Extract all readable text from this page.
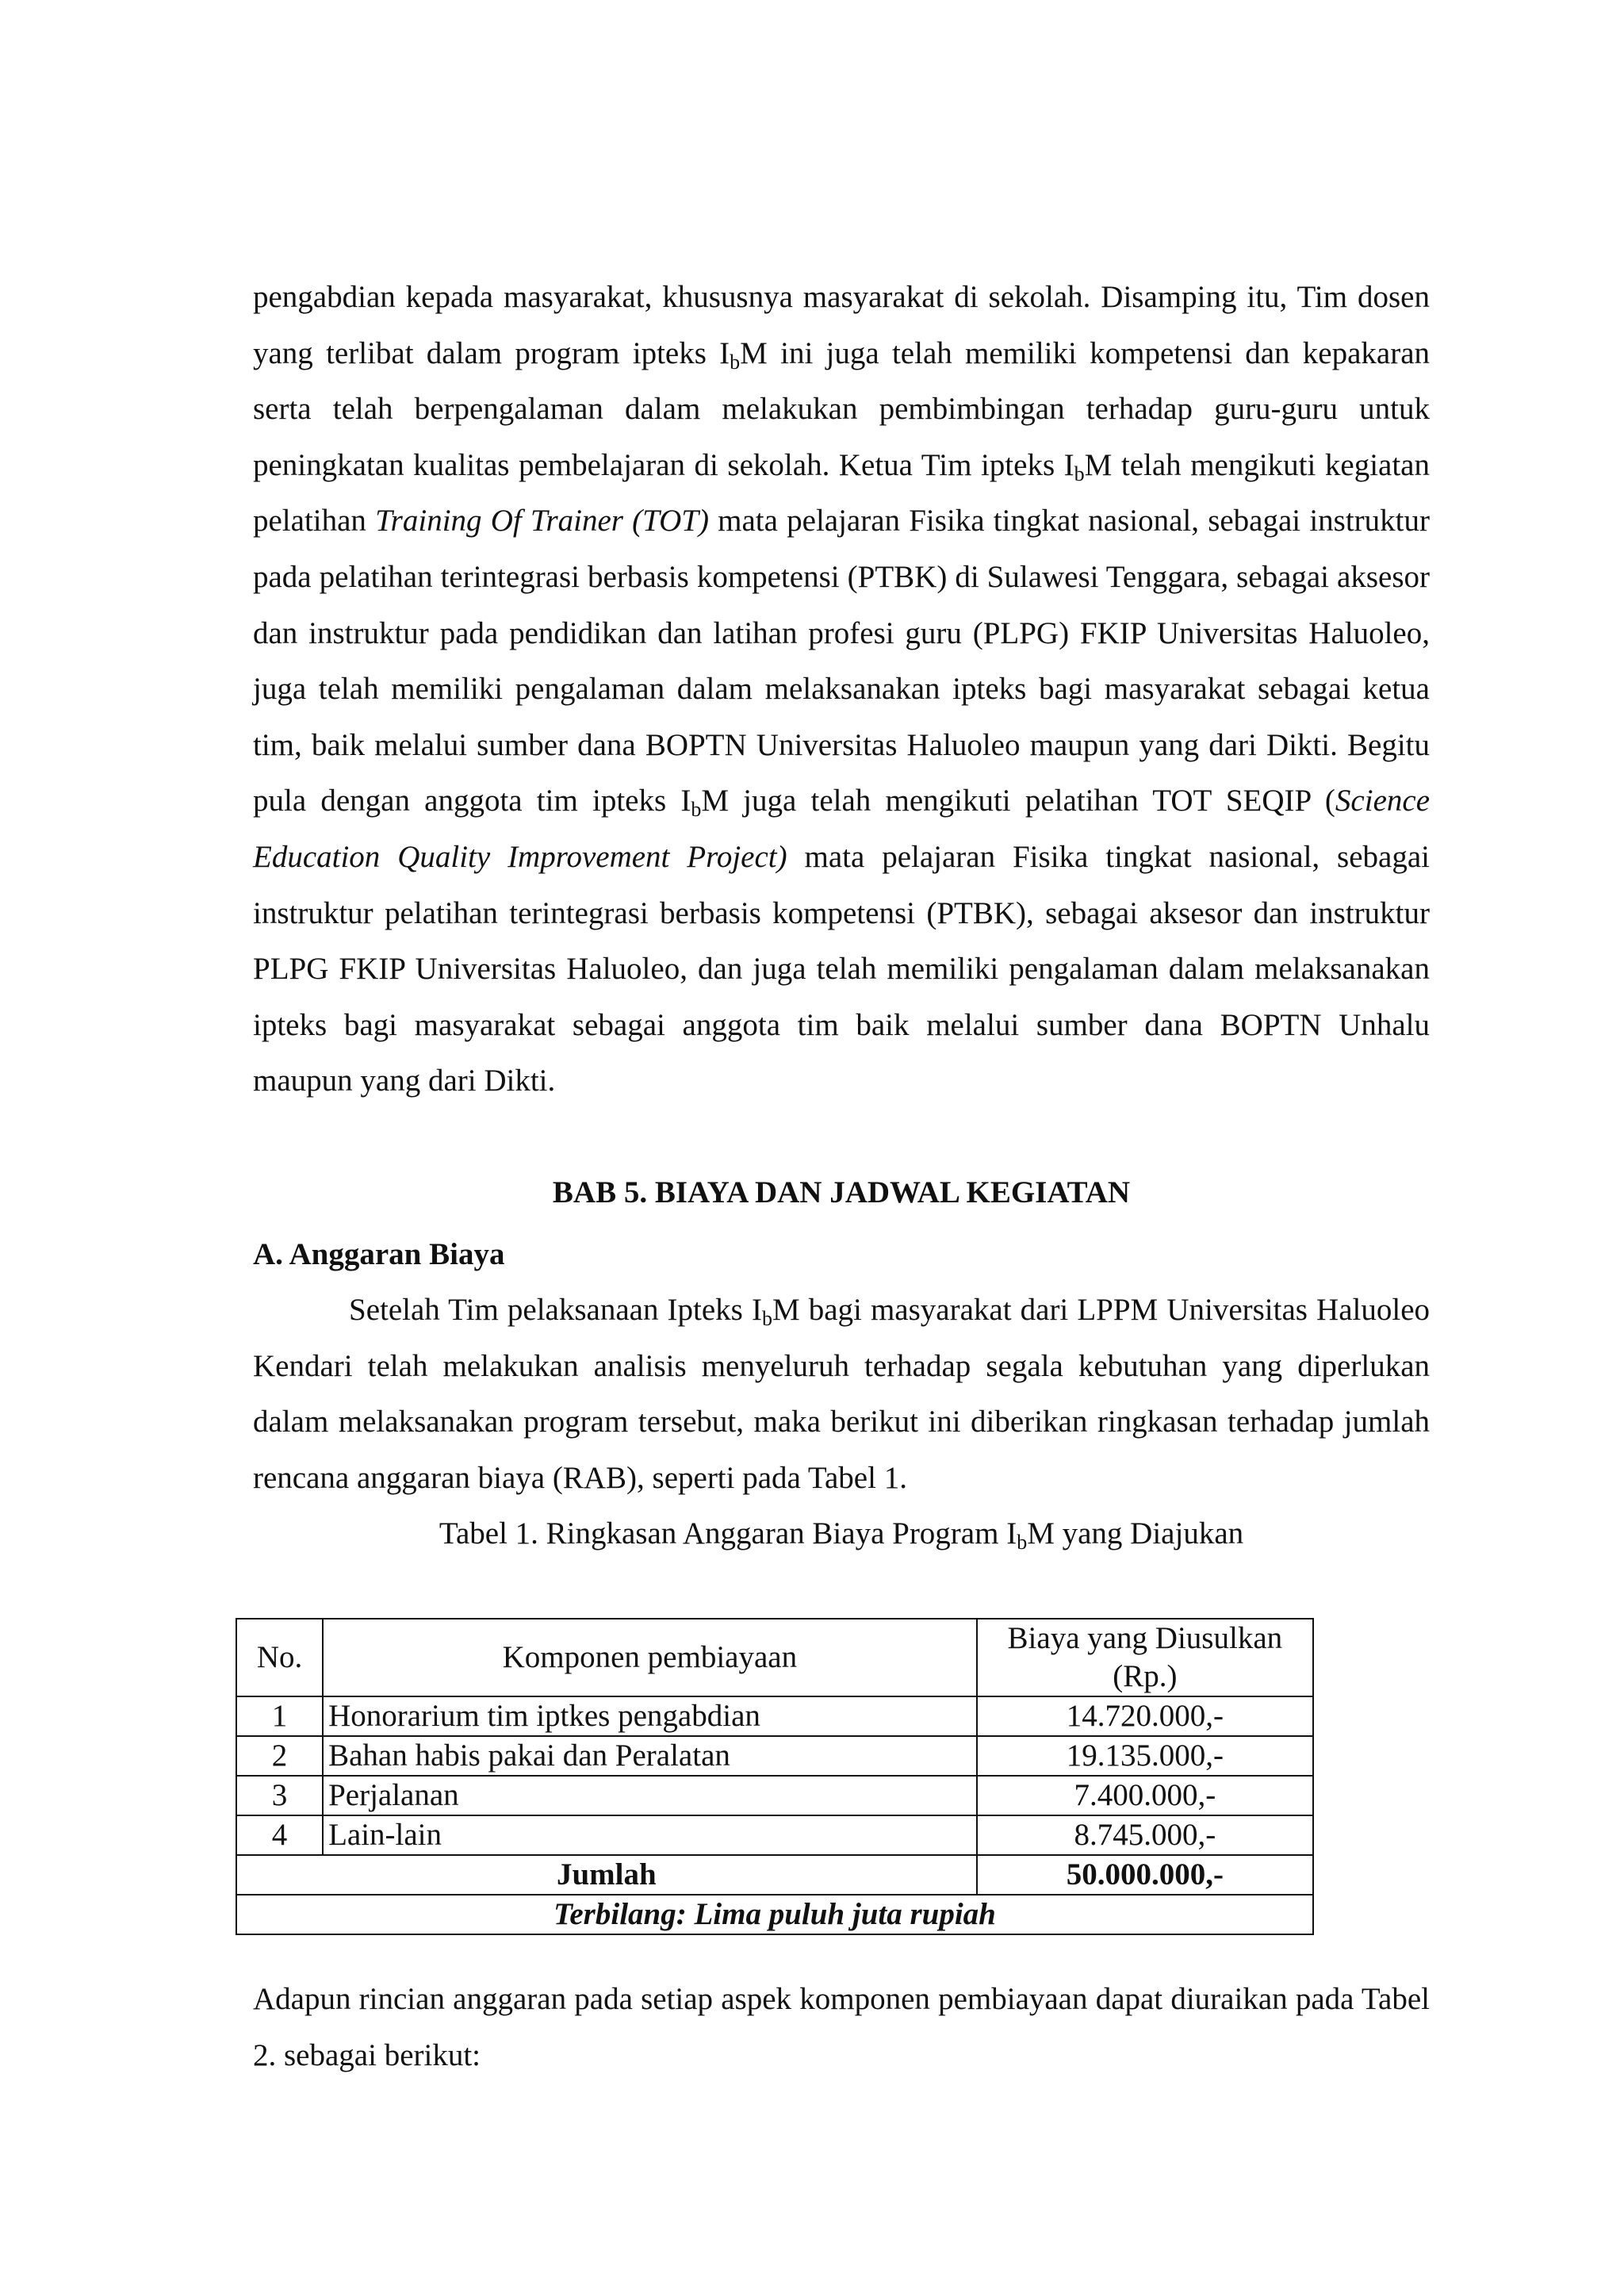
pengabdian kepada masyarakat, khususnya masyarakat di sekolah. Disamping itu, Tim dosen yang terlibat dalam program ipteks $I_bM$ ini juga telah memiliki kompetensi dan kepakaran serta telah berpengalaman dalam melakukan pembimbingan terhadap guru-guru untuk peningkatan kualitas pembelajaran di sekolah. Ketua Tim ipteks $I_bM$ telah mengikuti kegiatan pelatihan Training Of Trainer (TOT) mata pelajaran Fisika tingkat nasional, sebagai instruktur pada pelatihan terintegrasi berbasis kompetensi (PTBK) di Sulawesi Tenggara, sebagai aksesor dan instruktur pada pendidikan dan latihan profesi guru (PLPG) FKIP Universitas Haluoleo, juga telah memiliki pengalaman dalam melaksanakan ipteks bagi masyarakat sebagai ketua tim, baik melalui sumber dana BOPTN Universitas Haluoleo maupun yang dari Dikti. Begitu pula dengan anggota tim ipteks $I_bM$ juga telah mengikuti pelatihan TOT SEQIP (Science Education Quality Improvement Project) mata pelajaran Fisika tingkat nasional, sebagai instruktur pelatihan terintegrasi berbasis kompetensi (PTBK), sebagai aksesor dan instruktur PLPG FKIP Universitas Haluoleo, dan juga telah memiliki pengalaman dalam melaksanakan ipteks bagi masyarakat sebagai anggota tim baik melalui sumber dana BOPTN Unhalu maupun yang dari Dikti.

BAB 5. BIAYA DAN JADWAL KEGIATAN
A. Anggaran Biaya

Setelah Tim pelaksanaan Ipteks $I_bM$ bagi masyarakat dari LPPM Universitas Haluoleo Kendari telah melakukan analisis menyeluruh terhadap segala kebutuhan yang diperlukan dalam melaksanakan program tersebut, maka berikut ini diberikan ringkasan terhadap jumlah rencana anggaran biaya (RAB), seperti pada Tabel 1.

Tabel 1. Ringkasan Anggaran Biaya Program $I_bM$ yang Diajukan

No.	Komponen pembiayaan	Biaya yang Diusulkan
(Rp.)
1	Honorarium tim iptkes pengabdian	14.720.000,-
2	Bahan habis pakai dan Peralatan	19.135.000,-
3	Perjalanan	7.400.000,-
4	Lain-lain	8.745.000,-
Jumlah		50.000.000,-
Terbilang: Lima puluh juta rupiah		

Adapun rincian anggaran pada setiap aspek komponen pembiayaan dapat diuraikan pada Tabel 2. sebagai berikut:
